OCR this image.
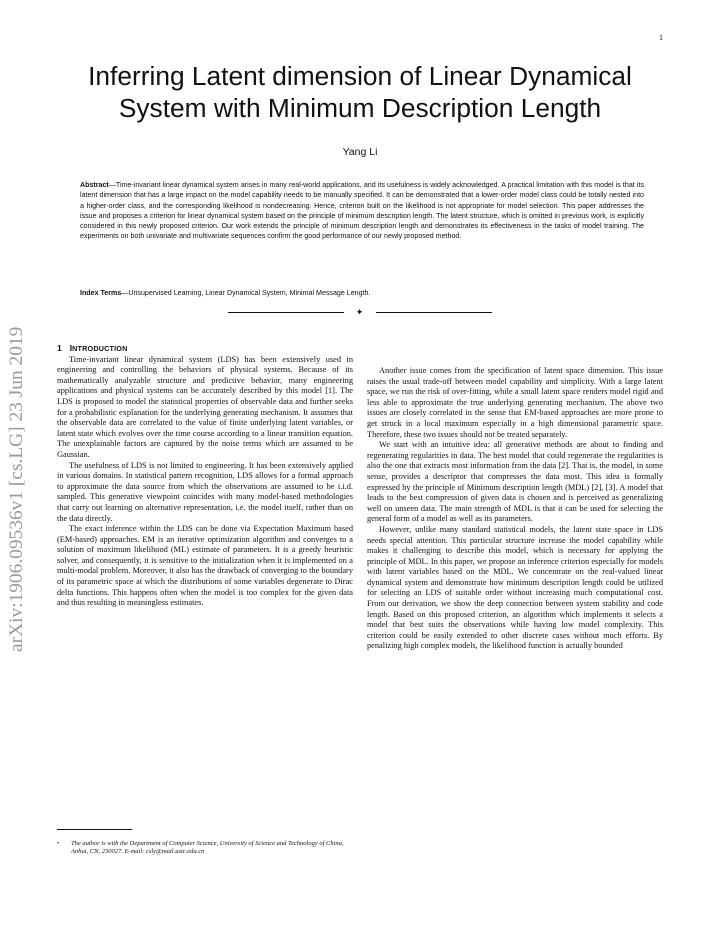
1
arXiv:1906.09536v1 [cs.LG] 23 Jun 2019
Inferring Latent dimension of Linear Dynamical System with Minimum Description Length
Yang Li

Abstract—Time-invariant linear dynamical system arises in many real-world applications, and its usefulness is widely acknowledged. A practical limitation with this model is that its latent dimension that has a large impact on the model capability needs to be manually specified. It can be demonstrated that a lower-order model class could be totally nested into a higher-order class, and the corresponding likelihood is nondecreasing. Hence, criterion built on the likelihood is not appropriate for model selection. This paper addresses the issue and proposes a criterion for linear dynamical system based on the principle of minimum description length. The latent structure, which is omitted in previous work, is explicitly considered in this newly proposed criterion. Our work extends the principle of minimum description length and demonstrates its effectiveness in the tasks of model training. The experiments on both univariate and multivariate sequences confirm the good performance of our newly proposed method.

Index Terms—Unsupervised Learning, Linear Dynamical System, Minimal Message Length.

✦

1 INTRODUCTION

Time-invariant linear dynamical system (LDS) has been extensively used in engineering and controlling the behaviors of physical systems. Because of its mathematically analyzable structure and predictive behavior, many engineering applications and physical systems can be accurately described by this model [1]. The LDS is proposed to model the statistical properties of observable data and further seeks for a probabilistic explanation for the underlying generating mechanism. It assumes that the observable data are correlated to the value of finite underlying latent variables, or latent state which evolves over the time course according to a linear transition equation. The unexplainable factors are captured by the noise terms which are assumed to be Gaussian.

The usefulness of LDS is not limited to engineering. It has been extensively applied in various domains. In statistical pattern recognition, LDS allows for a formal approach to approximate the data source from which the observations are assumed to be i.i.d. sampled. This generative viewpoint coincides with many model-based methodologies that carry out learning on alternative representation, i.e. the model itself, rather than on the data directly.

The exact inference within the LDS can be done via Expectation Maximum based (EM-based) approaches. EM is an iterative optimization algorithm and converges to a solution of maximum likelihood (ML) estimate of parameters. It is a greedy heuristic solver, and consequently, it is sensitive to the initialization when it is implemented on a multi-modal problem. Moreover, it also has the drawback of converging to the boundary of its parametric space at which the distributions of some variables degenerate to Dirac delta functions. This happens often when the model is too complex for the given data and thus resulting in meaningless estimates.

Another issue comes from the specification of latent space dimension. This issue raises the usual trade-off between model capability and simplicity. With a large latent space, we run the risk of over-fitting, while a small latent space renders model rigid and less able to approximate the true underlying generating mechanism. The above two issues are closely correlated in the sense that EM-based approaches are more prone to get struck in a local maximum especially in a high dimensional parametric space. Therefore, these two issues should not be treated separately.

We start with an intuitive idea: all generative methods are about to finding and regenerating regularities in data. The best model that could regenerate the regularities is also the one that extracts most information from the data [2]. That is, the model, in some sense, provides a descriptor that compresses the data most. This idea is formally expressed by the principle of Minimum description length (MDL) [2], [3]. A model that leads to the best compression of given data is chosen and is perceived as generalizing well on unseen data. The main strength of MDL is that it can be used for selecting the general form of a model as well as its parameters.

However, unlike many standard statistical models, the latent state space in LDS needs special attention. This particular structure increase the model capability while makes it challenging to describe this model, which is necessary for applying the principle of MDL. In this paper, we propose an inference criterion especially for models with latent variables based on the MDL. We concentrate on the real-valued linear dynamical system and demonstrate how minimum description length could be utilized for selecting an LDS of suitable order without increasing much computational cost. From our derivation, we show the deep connection between system stability and code length. Based on this proposed criterion, an algorithm which implements it selects a model that best suits the observations while having low model complexity. This criterion could be easily extended to other discrete cases without much efforts. By penalizing high complex models, the likelihood function is actually bounded

• The author is with the Department of Computer Science, University of Science and Technology of China, Anhui, CN, 230027. E-mail: csly@mail.ustc.edu.cn
